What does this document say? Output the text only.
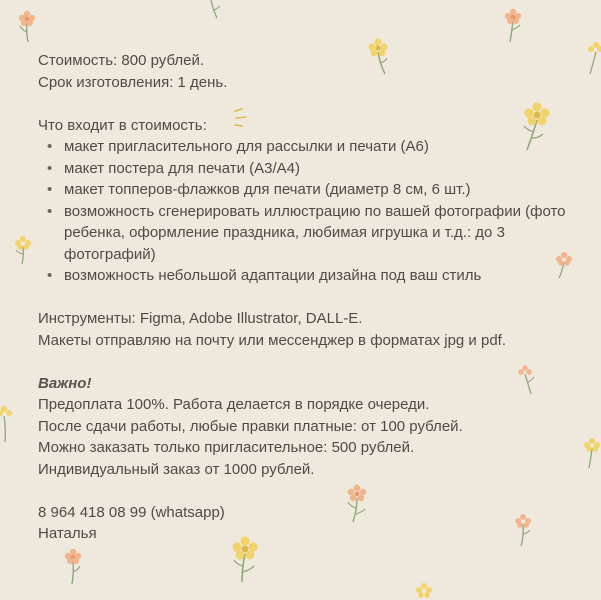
Стоимость: 800 рублей.
Срок изготовления: 1 день.
Что входит в стоимость:
• макет пригласительного для рассылки и печати (А6)
• макет постера для печати (А3/А4)
• макет топперов-флажков для печати (диаметр 8 см, 6 шт.)
• возможность сгенерировать иллюстрацию по вашей фотографии (фото ребенка, оформление праздника, любимая игрушка и т.д.: до 3 фотографий)
• возможность небольшой адаптации дизайна под ваш стиль
Инструменты: Figma, Adobe Illustrator, DALL-E.
Макеты отправляю на почту или мессенджер в форматах jpg и pdf.
Важно!
Предоплата 100%. Работа делается в порядке очереди.
После сдачи работы, любые правки платные: от 100 рублей.
Можно заказать только пригласительное: 500 рублей.
Индивидуальный заказ от 1000 рублей.
8 964 418 08 99 (whatsapp)
Наталья
